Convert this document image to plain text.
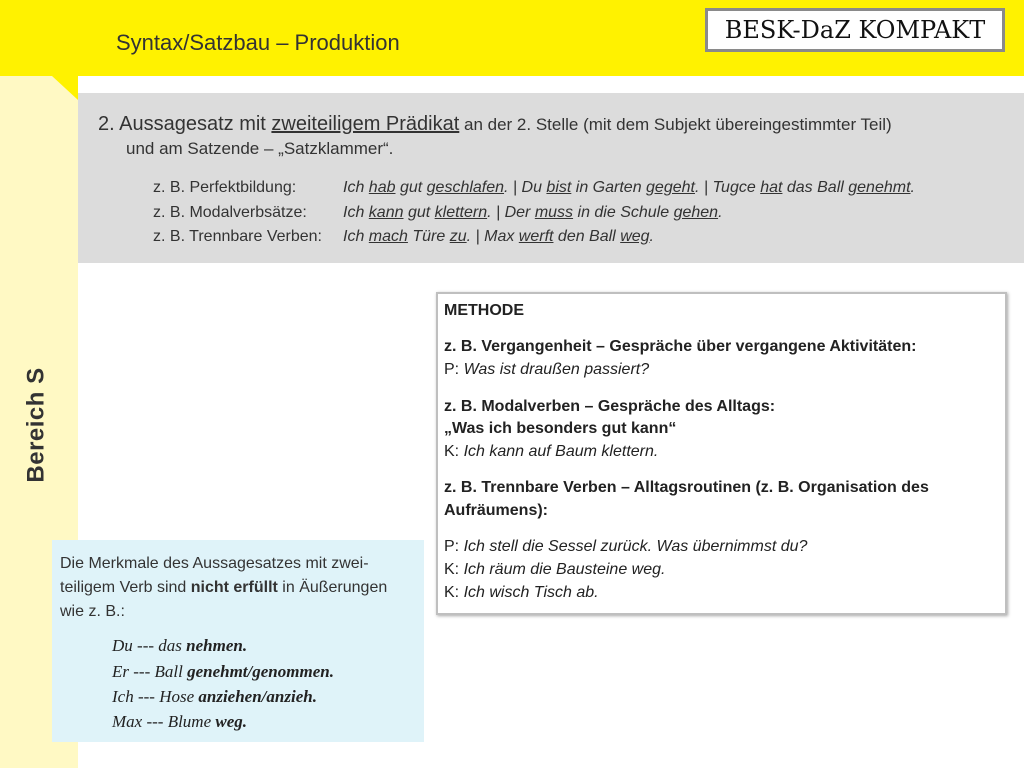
Syntax/Satzbau – Produktion	BESK-DaZ KOMPAKT
Bereich S
2. Aussagesatz mit zweiteiligem Prädikat an der 2. Stelle (mit dem Subjekt übereingestimmter Teil)
und am Satzende – „Satzklammer“.
z. B. Perfektbildung:	Ich hab gut geschlafen. | Du bist in Garten gegeht. | Tugce hat das Ball genehmt.
z. B. Modalverbsätze: Ich kann gut klettern. | Der muss in die Schule gehen.
z. B. Trennbare Verben: Ich mach Türe zu. | Max werft den Ball weg.
METHODE
z. B. Vergangenheit – Gespräche über vergangene Aktivitäten:
P: Was ist draußen passiert?
z. B. Modalverben – Gespräche des Alltags:
„Was ich besonders gut kann“
K: Ich kann auf Baum klettern.
z. B. Trennbare Verben – Alltagsroutinen (z. B. Organisation des
Aufräumens):
P: Ich stell die Sessel zurück. Was übernimmst du?
K: Ich räum die Bausteine weg.
K: Ich wisch Tisch ab.
Die Merkmale des Aussagesatzes mit zwei-
teiligem Verb sind nicht erfüllt in Äußerungen
wie z. B.:
Du --- das nehmen.
Er --- Ball genehmt/genommen.
Ich --- Hose anziehen/anzieh.
Max --- Blume weg.
